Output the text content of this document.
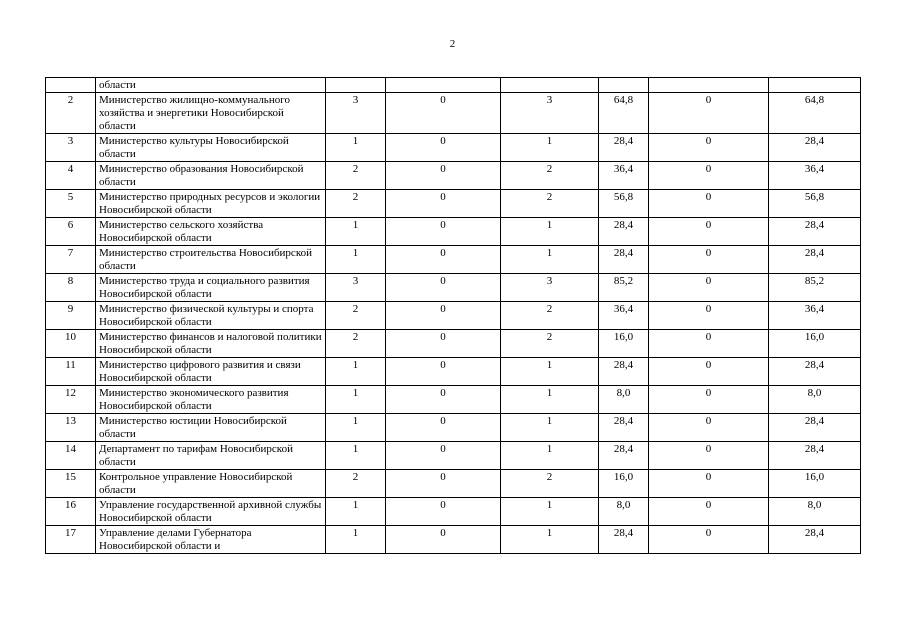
2
	области						
2	Министерство жилищно-коммунального хозяйства и энергетики Новосибирской области	3	0	3	64,8	0	64,8
3	Министерство культуры Новосибирской области	1	0	1	28,4	0	28,4
4	Министерство образования Новосибирской области	2	0	2	36,4	0	36,4
5	Министерство природных ресурсов и экологии Новосибирской области	2	0	2	56,8	0	56,8
6	Министерство сельского хозяйства Новосибирской области	1	0	1	28,4	0	28,4
7	Министерство строительства Новосибирской области	1	0	1	28,4	0	28,4
8	Министерство труда и социального развития Новосибирской области	3	0	3	85,2	0	85,2
9	Министерство физической культуры и спорта Новосибирской области	2	0	2	36,4	0	36,4
10	Министерство финансов и налоговой политики Новосибирской области	2	0	2	16,0	0	16,0
11	Министерство цифрового развития и связи Новосибирской области	1	0	1	28,4	0	28,4
12	Министерство экономического развития Новосибирской области	1	0	1	8,0	0	8,0
13	Министерство юстиции Новосибирской области	1	0	1	28,4	0	28,4
14	Департамент по тарифам Новосибирской области	1	0	1	28,4	0	28,4
15	Контрольное управление Новосибирской области	2	0	2	16,0	0	16,0
16	Управление государственной архивной службы Новосибирской области	1	0	1	8,0	0	8,0
17	Управление делами Губернатора Новосибирской области и	1	0	1	28,4	0	28,4
